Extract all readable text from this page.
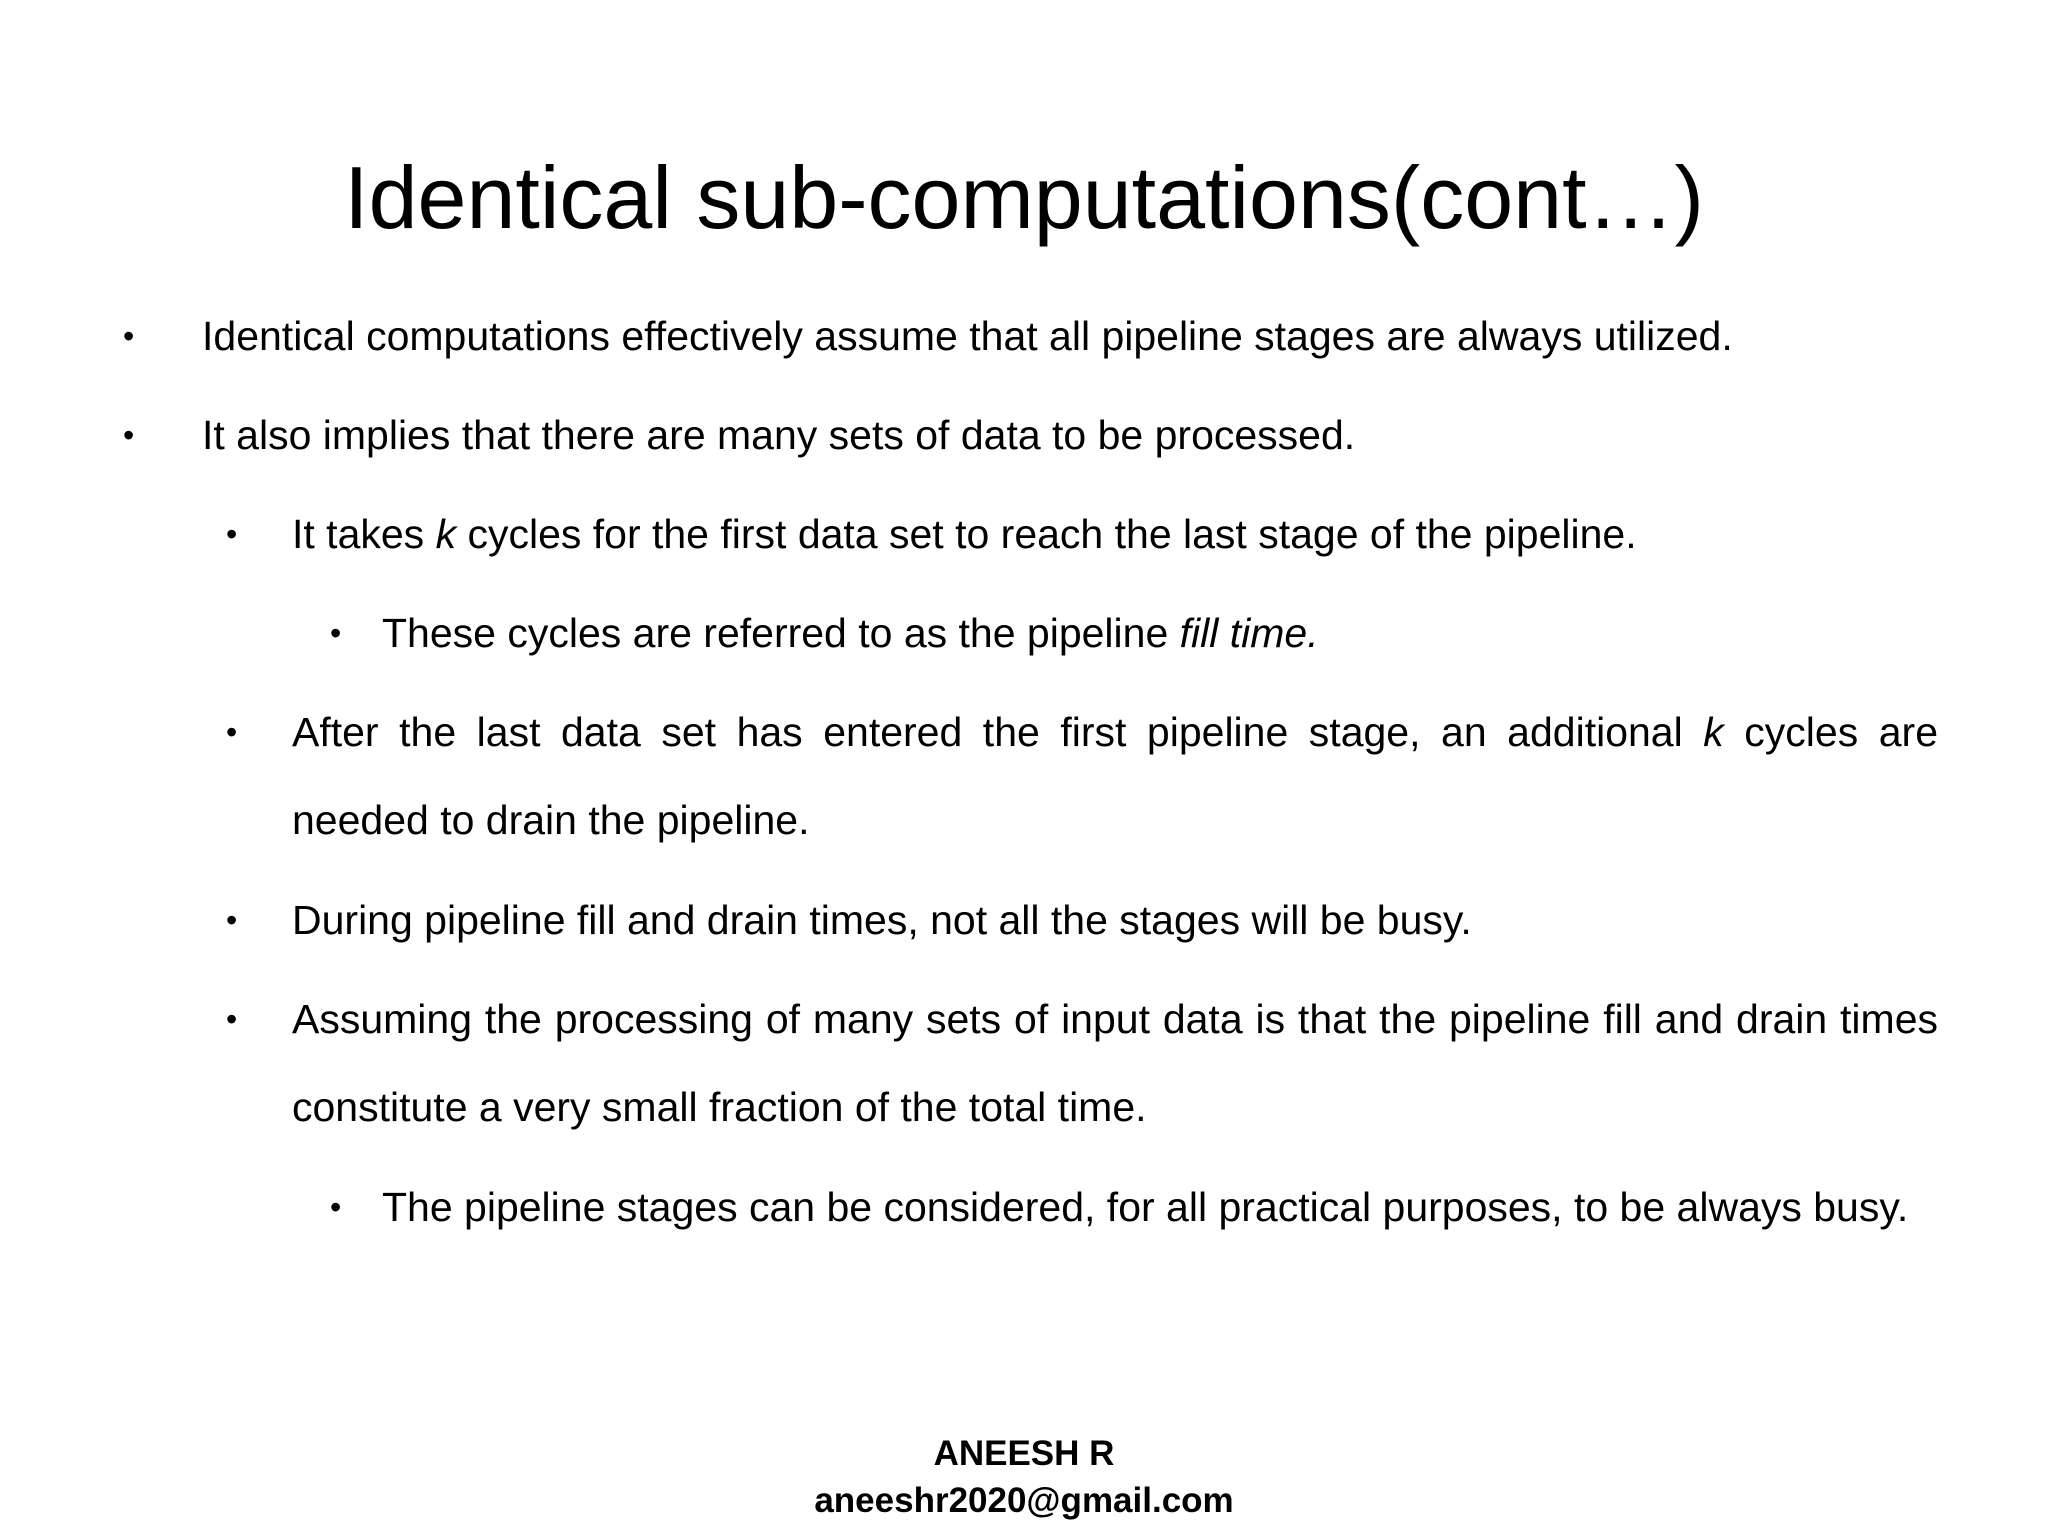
Identical sub-computations(cont…)
• Identical computations effectively assume that all pipeline stages are always utilized.
• It also implies that there are many sets of data to be processed.
• It takes k cycles for the first data set to reach the last stage of the pipeline.
• These cycles are referred to as the pipeline fill time.
• After the last data set has entered the first pipeline stage, an additional k cycles are needed to drain the pipeline.
• During pipeline fill and drain times, not all the stages will be busy.
• Assuming the processing of many sets of input data is that the pipeline fill and drain times constitute a very small fraction of the total time.
• The pipeline stages can be considered, for all practical purposes, to be always busy.

ANEESH R

aneeshr2020@gmail.com
